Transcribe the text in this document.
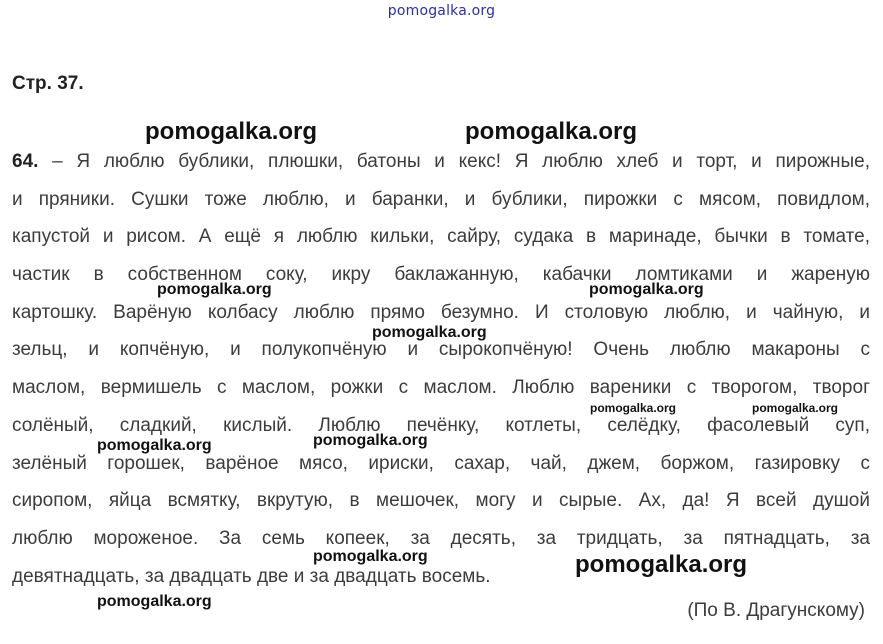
pomogalka.org
Стр. 37.
64. – Я люблю бублики, плюшки, батоны и кекс! Я люблю хлеб и торт, и пирожные,
и пряники. Сушки тоже люблю, и баранки, и бублики, пирожки с мясом, повидлом,
капустой и рисом. А ещё я люблю кильки, сайру, судака в маринаде, бычки в томате,
частик в собственном соку, икру баклажанную, кабачки ломтиками и жареную
картошку. Варёную колбасу люблю прямо безумно. И столовую люблю, и чайную, и
зельц, и копчёную, и полукопчёную и сырокопчёную! Очень люблю макароны с
маслом, вермишель с маслом, рожки с маслом. Люблю вареники с творогом, творог
солёный, сладкий, кислый. Люблю печёнку, котлеты, селёдку, фасолевый суп,
зелёный горошек, варёное мясо, ириски, сахар, чай, джем, боржом, газировку с
сиропом, яйца всмятку, вкрутую, в мешочек, могу и сырые. Ах, да! Я всей душой
люблю мороженое. За семь копеек, за десять, за тридцать, за пятнадцать, за
девятнадцать, за двадцать две и за двадцать восемь.
(По В. Драгунскому)
pomogalka.org	pomogalka.org
pomogalka.org	pomogalka.org
pomogalka.org
pomogalka.org	pomogalka.org
pomogalka.org
pomogalka.org
pomogalka.org	pomogalka.org
pomogalka.org
